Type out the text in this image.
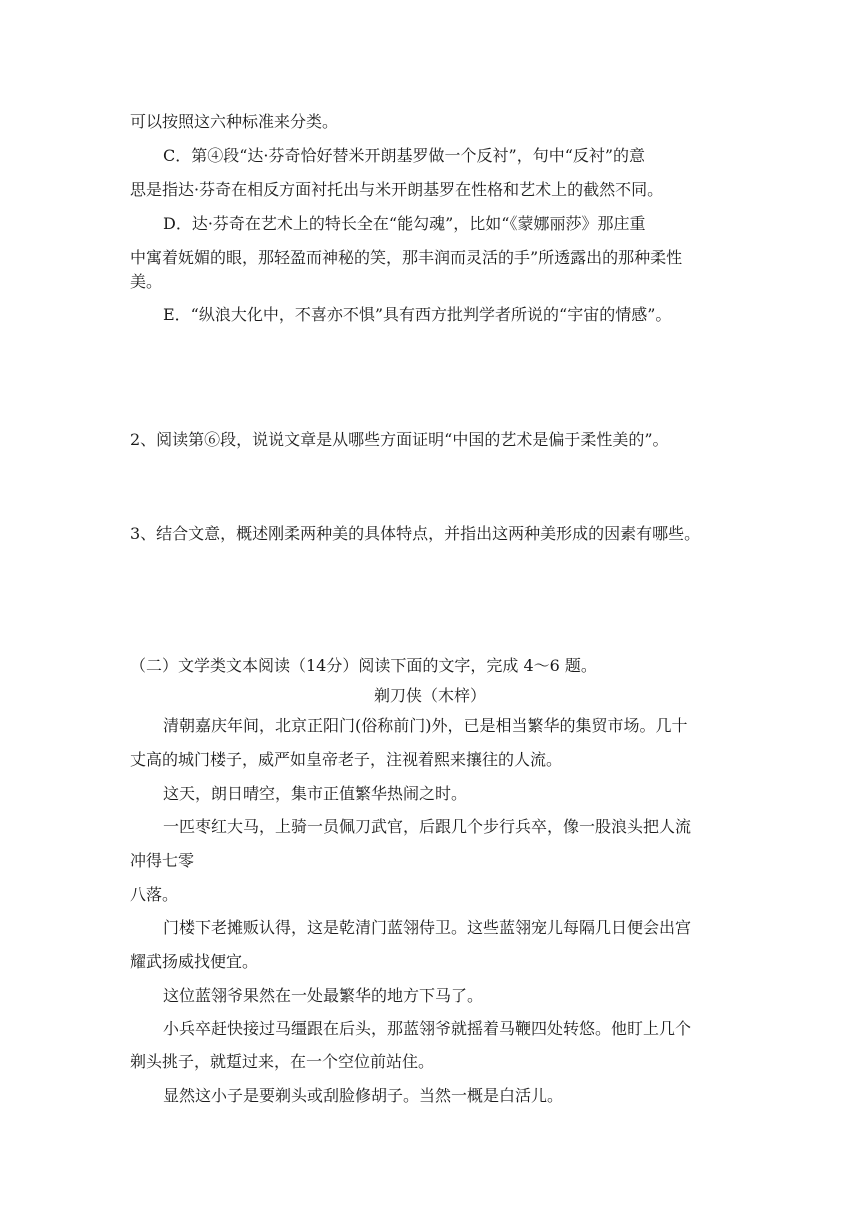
可以按照这六种标准来分类。
C．第④段“达·芬奇恰好替米开朗基罗做一个反衬”，句中“反衬”的意
思是指达·芬奇在相反方面衬托出与米开朗基罗在性格和艺术上的截然不同。
D．达·芬奇在艺术上的特长全在“能勾魂”，比如“《蒙娜丽莎》那庄重
中寓着妩媚的眼，那轻盈而神秘的笑，那丰润而灵活的手”所透露出的那种柔性
美。
E．“纵浪大化中，不喜亦不惧”具有西方批判学者所说的“宇宙的情感”。
2、阅读第⑥段，说说文章是从哪些方面证明“中国的艺术是偏于柔性美的”。
3、结合文意，概述刚柔两种美的具体特点，并指出这两种美形成的因素有哪些。
（二）文学类文本阅读（14分）阅读下面的文字，完成 4～6 题。
剃刀侠（木梓）
清朝嘉庆年间，北京正阳门(俗称前门)外，已是相当繁华的集贸市场。几十
丈高的城门楼子，威严如皇帝老子，注视着熙来攘往的人流。
这天，朗日晴空，集市正值繁华热闹之时。
一匹枣红大马，上骑一员佩刀武官，后跟几个步行兵卒，像一股浪头把人流
冲得七零
八落。
门楼下老摊贩认得，这是乾清门蓝翎侍卫。这些蓝翎宠儿每隔几日便会出宫
耀武扬威找便宜。
这位蓝翎爷果然在一处最繁华的地方下马了。
小兵卒赶快接过马缰跟在后头，那蓝翎爷就摇着马鞭四处转悠。他盯上几个
剃头挑子，就踅过来，在一个空位前站住。
显然这小子是要剃头或刮脸修胡子。当然一概是白活儿。
